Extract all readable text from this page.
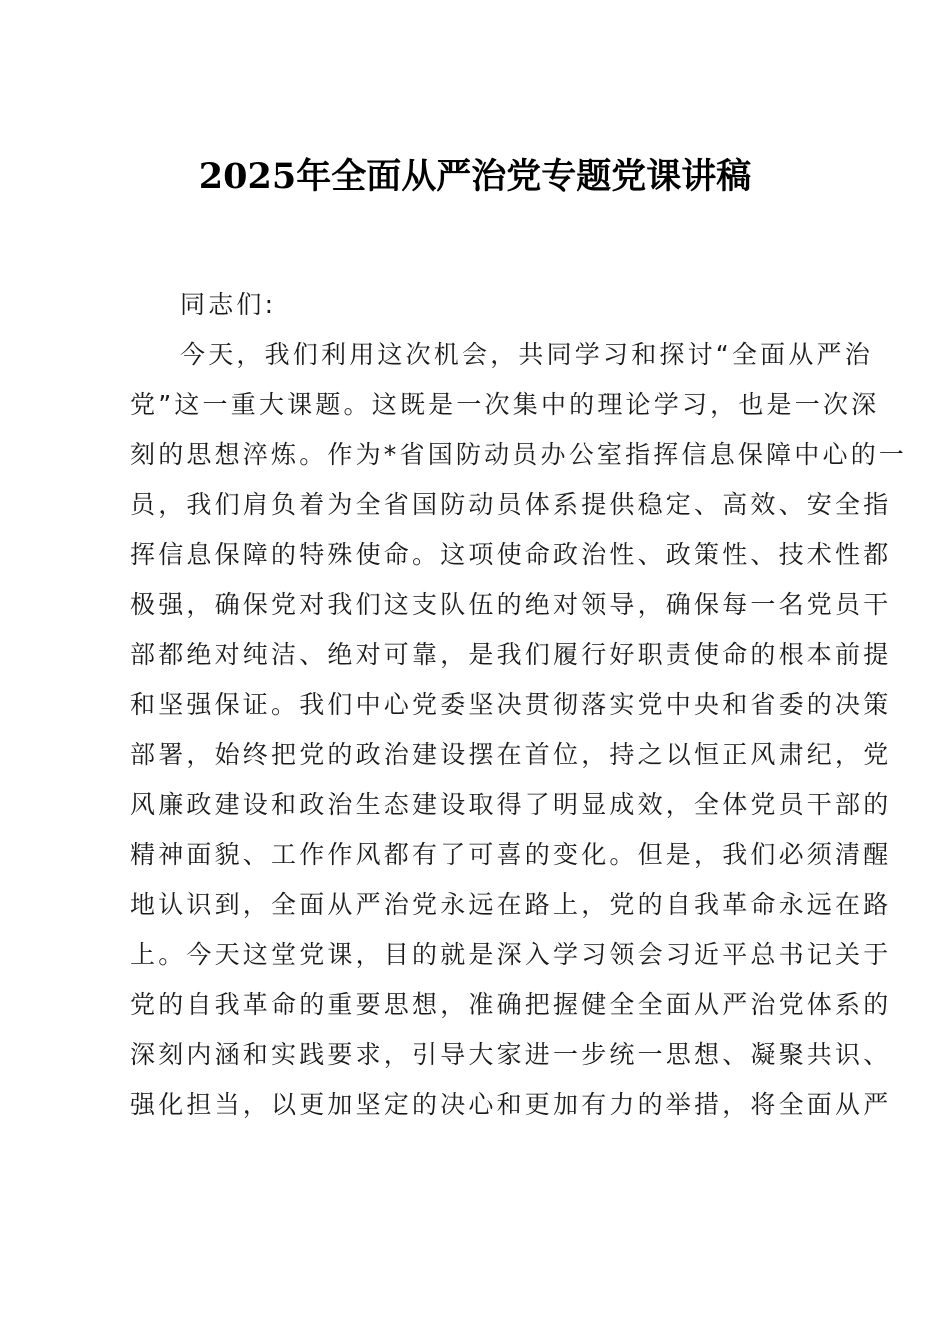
2025年全面从严治党专题党课讲稿
同志们:
今天，我们利用这次机会，共同学习和探讨“全面从严治
党”这一重大课题。这既是一次集中的理论学习，也是一次深
刻的思想淬炼。作为*省国防动员办公室指挥信息保障中心的一
员，我们肩负着为全省国防动员体系提供稳定、高效、安全指
挥信息保障的特殊使命。这项使命政治性、政策性、技术性都
极强，确保党对我们这支队伍的绝对领导，确保每一名党员干
部都绝对纯洁、绝对可靠，是我们履行好职责使命的根本前提
和坚强保证。我们中心党委坚决贯彻落实党中央和省委的决策
部署，始终把党的政治建设摆在首位，持之以恒正风肃纪，党
风廉政建设和政治生态建设取得了明显成效，全体党员干部的
精神面貌、工作作风都有了可喜的变化。但是，我们必须清醒
地认识到，全面从严治党永远在路上，党的自我革命永远在路
上。今天这堂党课，目的就是深入学习领会习近平总书记关于
党的自我革命的重要思想，准确把握健全全面从严治党体系的
深刻内涵和实践要求，引导大家进一步统一思想、凝聚共识、
强化担当，以更加坚定的决心和更加有力的举措，将全面从严
